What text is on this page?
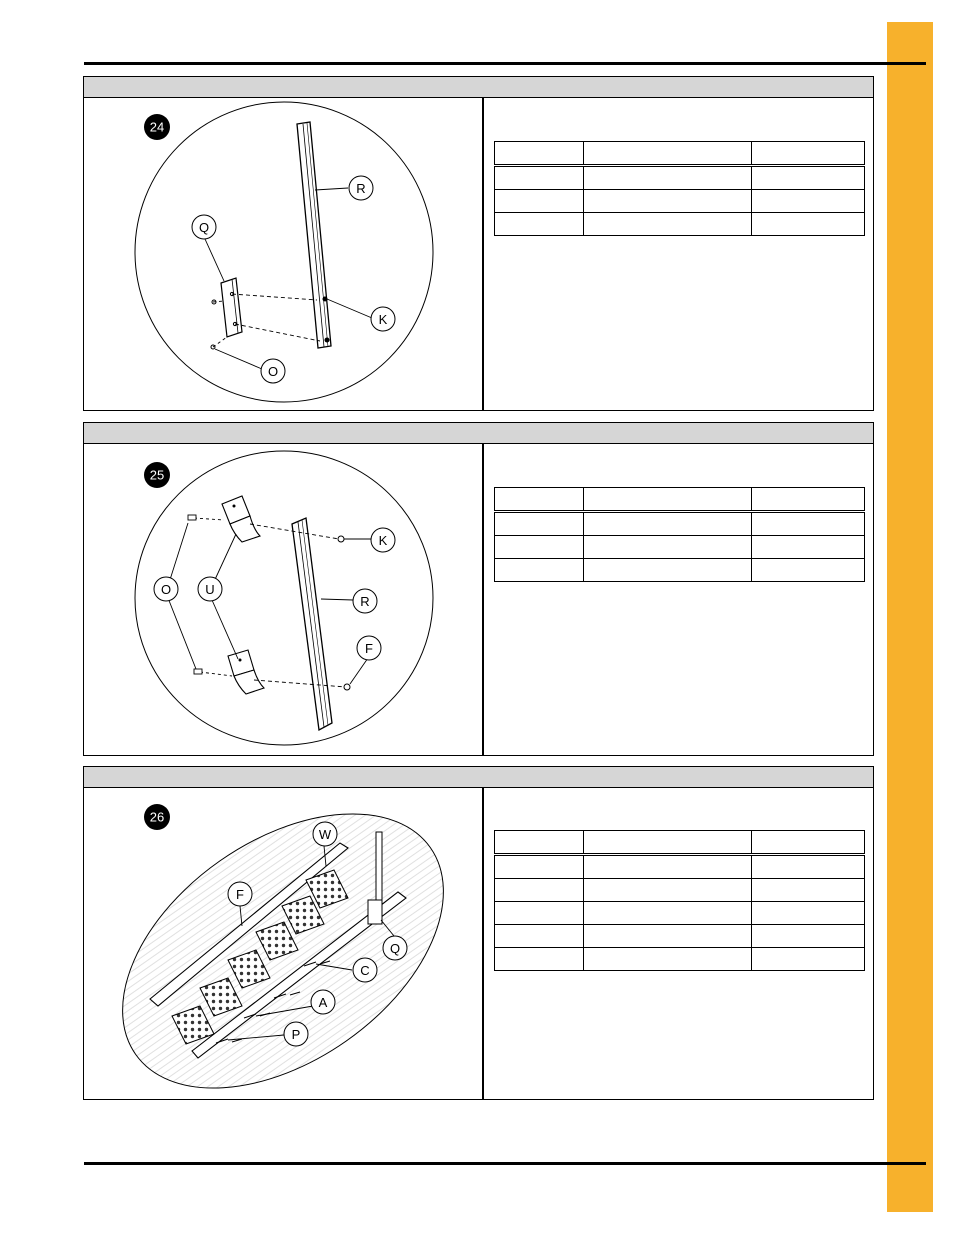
24
R
Q
K
O

25
K
O	U
R
F

26
W
F
Q
C
A
P
